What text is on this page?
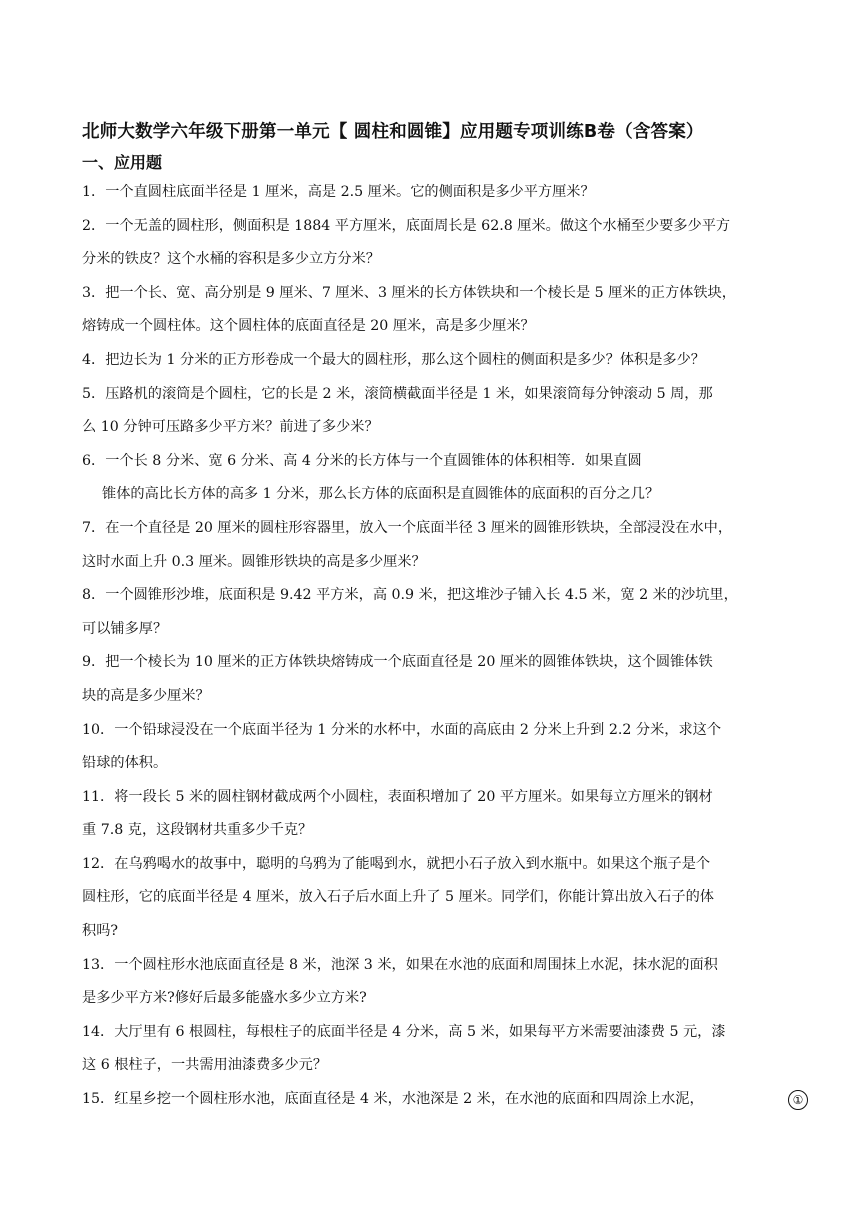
北师大数学六年级下册第一单元【 圆柱和圆锥】应用题专项训练B卷（含答案）
一、应用题
1．一个直圆柱底面半径是 1 厘米，高是 2.5 厘米。它的侧面积是多少平方厘米？
2．一个无盖的圆柱形，侧面积是 1884 平方厘米，底面周长是 62.8 厘米。做这个水桶至少要多少平方
分米的铁皮？这个水桶的容积是多少立方分米？
3．把一个长、宽、高分别是 9 厘米、7 厘米、3 厘米的长方体铁块和一个棱长是 5 厘米的正方体铁块，
熔铸成一个圆柱体。这个圆柱体的底面直径是 20 厘米，高是多少厘米？
4．把边长为 1 分米的正方形卷成一个最大的圆柱形，那么这个圆柱的侧面积是多少？体积是多少？
5．压路机的滚筒是个圆柱，它的长是 2 米，滚筒横截面半径是 1 米，如果滚筒每分钟滚动 5 周，那
么 10 分钟可压路多少平方米？前进了多少米？
6．一个长 8 分米、宽 6 分米、高 4 分米的长方体与一个直圆锥体的体积相等．如果直圆
锥体的高比长方体的高多 1 分米，那么长方体的底面积是直圆锥体的底面积的百分之几？
7．在一个直径是 20 厘米的圆柱形容器里，放入一个底面半径 3 厘米的圆锥形铁块，全部浸没在水中，
这时水面上升 0.3 厘米。圆锥形铁块的高是多少厘米？
8．一个圆锥形沙堆，底面积是 9.42 平方米，高 0.9 米，把这堆沙子铺入长 4.5 米，宽 2 米的沙坑里，
可以铺多厚？
9．把一个棱长为 10 厘米的正方体铁块熔铸成一个底面直径是 20 厘米的圆锥体铁块，这个圆锥体铁
块的高是多少厘米？
10．一个铅球浸没在一个底面半径为 1 分米的水杯中，水面的高底由 2 分米上升到 2.2 分米，求这个
铅球的体积。
11．将一段长 5 米的圆柱钢材截成两个小圆柱，表面积增加了 20 平方厘米。如果每立方厘米的钢材
重 7.8 克，这段钢材共重多少千克？
12．在乌鸦喝水的故事中，聪明的乌鸦为了能喝到水，就把小石子放入到水瓶中。如果这个瓶子是个
圆柱形，它的底面半径是 4 厘米，放入石子后水面上升了 5 厘米。同学们，你能计算出放入石子的体
积吗?
13．一个圆柱形水池底面直径是 8 米，池深 3 米，如果在水池的底面和周围抹上水泥，抹水泥的面积
是多少平方米?修好后最多能盛水多少立方米?
14．大厅里有 6 根圆柱，每根柱子的底面半径是 4 分米，高 5 米，如果每平方米需要油漆费 5 元，漆
这 6 根柱子，一共需用油漆费多少元？
15．红星乡挖一个圆柱形水池，底面直径是 4 米，水池深是 2 米，在水池的底面和四周涂上水泥，	①
